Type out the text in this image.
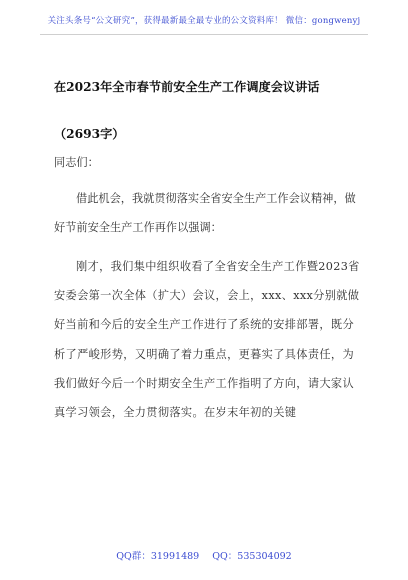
关注头条号“公文研究”，获得最新最全最专业的公文资料库！ 微信：gongwenyj
在2023年全市春节前安全生产工作调度会议讲话（2693字）

同志们：

借此机会，我就贯彻落实全省安全生产工作会议精神，做好节前安全生产工作再作以强调：

刚才，我们集中组织收看了全省安全生产工作暨2023省安委会第一次全体（扩大）会议，会上，xxx、xxx分别就做好当前和今后的安全生产工作进行了系统的安排部署，既分析了严峻形势，又明确了着力重点，更暮实了具体责任，为我们做好今后一个时期安全生产工作指明了方向，请大家认真学习领会，全力贯彻落实。在岁末年初的关键

QQ群：31991489 QQ：535304092
